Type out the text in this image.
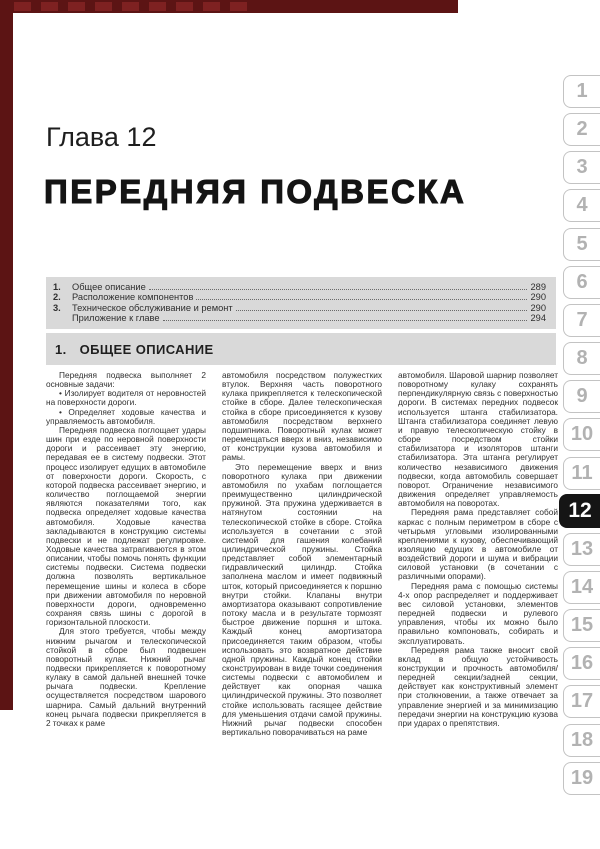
Глава 12
ПЕРЕДНЯЯ ПОДВЕСКА
1.	Общее описание	289
2.	Расположение компонентов	290
3.	Техническое обслуживание и ремонт	290
Приложение к главе	294
1. ОБЩЕЕ ОПИСАНИЕ

Передняя подвеска выполняет 2 основные задачи:

• Изолирует водителя от неровностей на поверхности дороги.

• Определяет ходовые качества и управляемость автомобиля.

Передняя подвеска поглощает удары шин при езде по неровной поверхности дороги и рассеивает эту энергию, передавая ее в систему подвески. Этот процесс изолирует едущих в автомобиле от поверхности дороги. Скорость, с которой подвеска рассеивает энергию, и количество поглощаемой энергии являются показателями того, как подвеска определяет ходовые качества автомобиля. Ходовые качества закладываются в конструкцию системы подвески и не подлежат регулировке. Ходовые качества затрагиваются в этом описании, чтобы помочь понять функции системы подвески. Система подвески должна позволять вертикальное перемещение шины и колеса в сборе при движении автомобиля по неровной поверхности дороги, одновременно сохраняя связь шины с дорогой в горизонтальной плоскости.

Для этого требуется, чтобы между нижним рычагом и телескопической стойкой в сборе был подвешен поворотный кулак. Нижний рычаг подвески прикрепляется к поворотному кулаку в самой дальней внешней точке рычага подвески. Крепление осуществляется посредством шарового шарнира. Самый дальний внутренний конец рычага подвески прикрепляется в 2 точках к раме

автомобиля посредством полужестких втулок. Верхняя часть поворотного кулака прикрепляется к телескопической стойке в сборе. Далее телескопическая стойка в сборе присоединяется к кузову автомобиля посредством верхнего подшипника. Поворотный кулак может перемещаться вверх и вниз, независимо от конструкции кузова автомобиля и рамы.

Это перемещение вверх и вниз поворотного кулака при движении автомобиля по ухабам поглощается преимущественно цилиндрической пружиной. Эта пружина удерживается в натянутом состоянии на телескопической стойке в сборе. Стойка используется в сочетании с этой системой для гашения колебаний цилиндрической пружины. Стойка представляет собой элементарный гидравлический цилиндр. Стойка заполнена маслом и имеет подвижный шток, который присоединяется к поршню внутри стойки. Клапаны внутри амортизатора оказывают сопротивление потоку масла и в результате тормозят быстрое движение поршня и штока. Каждый конец амортизатора присоединяется таким образом, чтобы использовать это возвратное действие одной пружины. Каждый конец стойки сконструирован в виде точки соединения системы подвески с автомобилем и действует как опорная чашка цилиндрической пружины. Это позволяет стойке использовать гасящее действие для уменьшения отдачи самой пружины. Нижний рычаг подвески способен вертикально поворачиваться на раме

автомобиля. Шаровой шарнир позволяет поворотному кулаку сохранять перпендикулярную связь с поверхностью дороги. В системах передних подвесок используется штанга стабилизатора. Штанга стабилизатора соединяет левую и правую телескопическую стойку в сборе посредством стойки стабилизатора и изоляторов штанги стабилизатора. Эта штанга регулирует количество независимого движения подвески, когда автомобиль совершает поворот. Ограничение независимого движения определяет управляемость автомобиля на поворотах.

Передняя рама представляет собой каркас с полным периметром в сборе с четырьмя угловыми изолированными креплениями к кузову, обеспечивающий изоляцию едущих в автомобиле от воздействий дороги и шума и вибрации силовой установки (в сочетании с различными опорами).

Передняя рама с помощью системы 4-х опор распределяет и поддерживает вес силовой установки, элементов передней подвески и рулевого управления, чтобы их можно было правильно компоновать, собирать и эксплуатировать.

Передняя рама также вносит свой вклад в общую устойчивость конструкции и прочность автомобиля/передней секции/задней секции, действует как конструктивный элемент при столкновении, а также отвечает за управление энергией и за минимизацию передачи энергии на конструкцию кузова при ударах о препятствия.

1
2
3
4
5
6
7
8
9
10
11
12
13
14
15
16
17
18
19
